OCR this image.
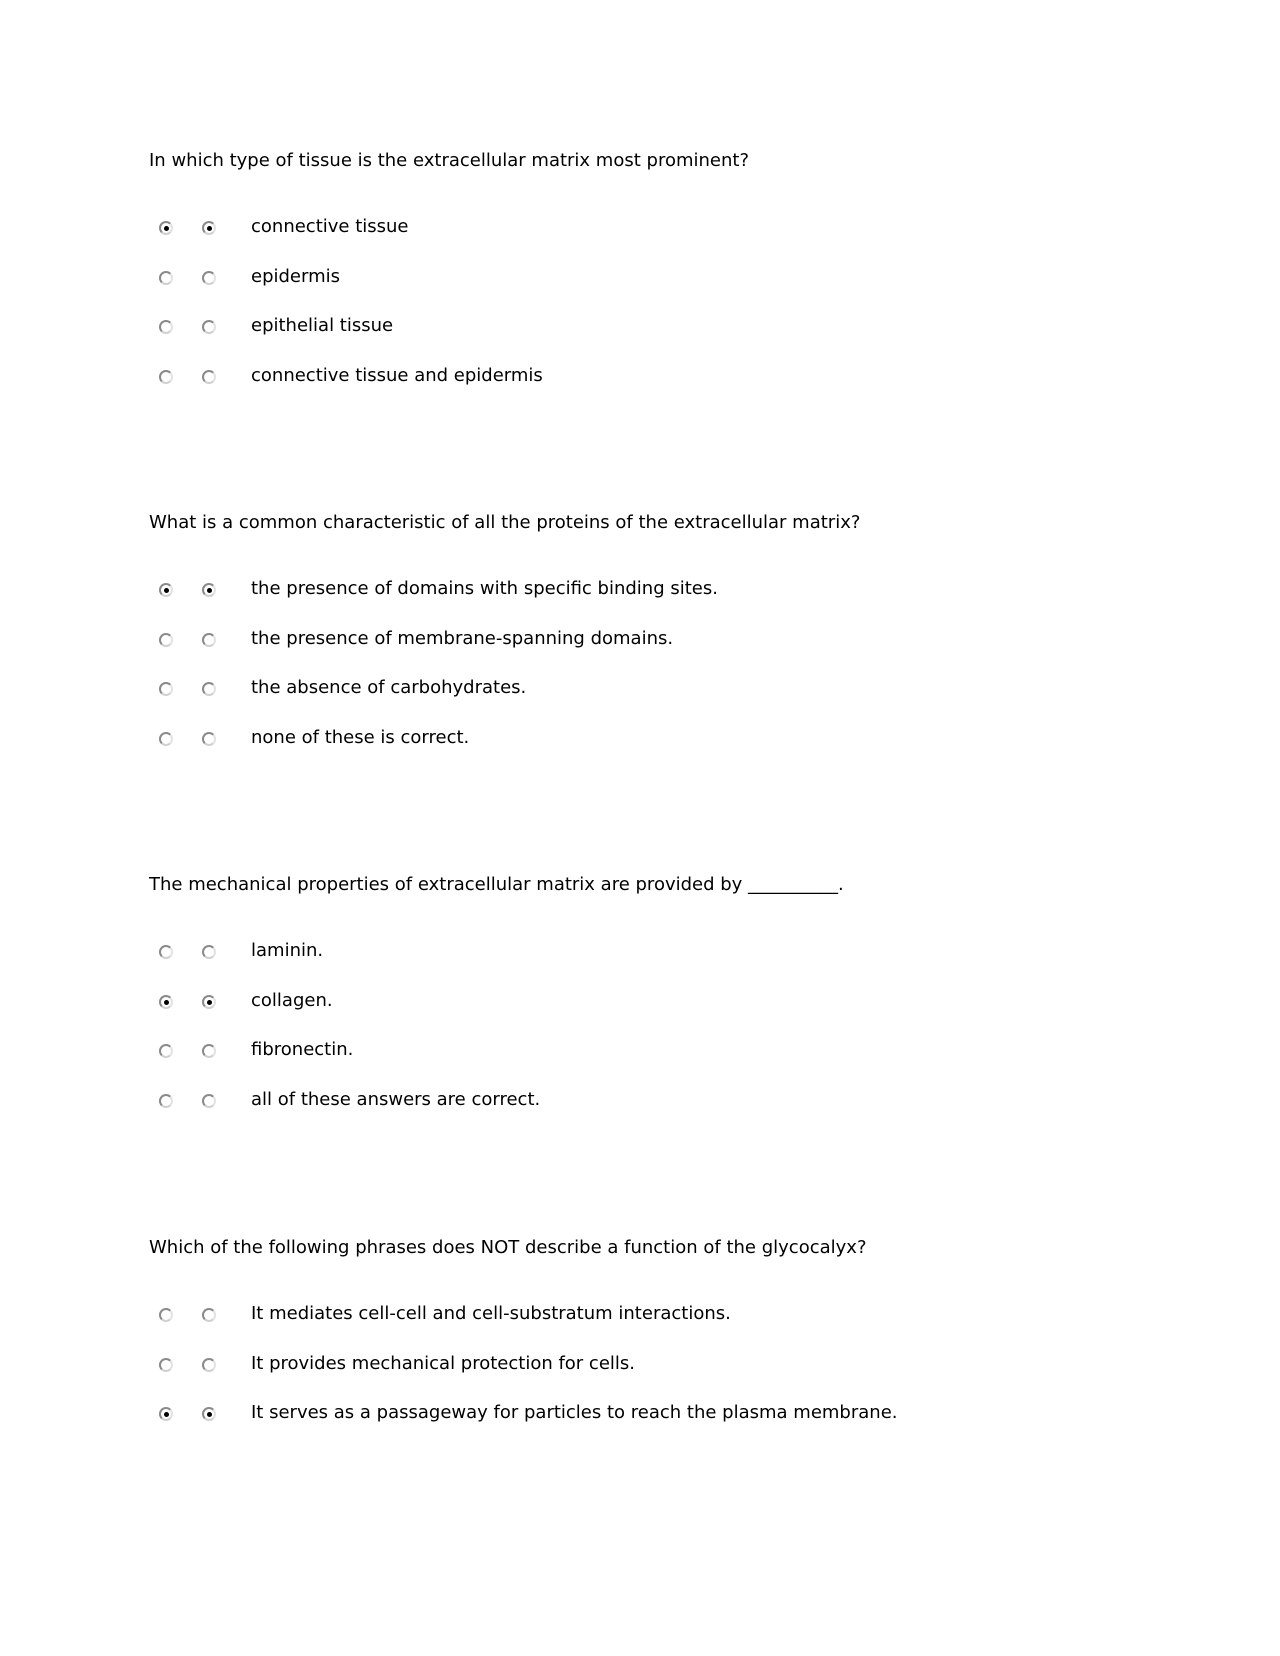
In which type of tissue is the extracellular matrix most prominent?
connective tissue
epidermis
epithelial tissue
connective tissue and epidermis
What is a common characteristic of all the proteins of the extracellular matrix?
the presence of domains with specific binding sites.
the presence of membrane-spanning domains.
the absence of carbohydrates.
none of these is correct.
The mechanical properties of extracellular matrix are provided by __________.
laminin.
collagen.
fibronectin.
all of these answers are correct.
Which of the following phrases does NOT describe a function of the glycocalyx?
It mediates cell-cell and cell-substratum interactions.
It provides mechanical protection for cells.
It serves as a passageway for particles to reach the plasma membrane.
